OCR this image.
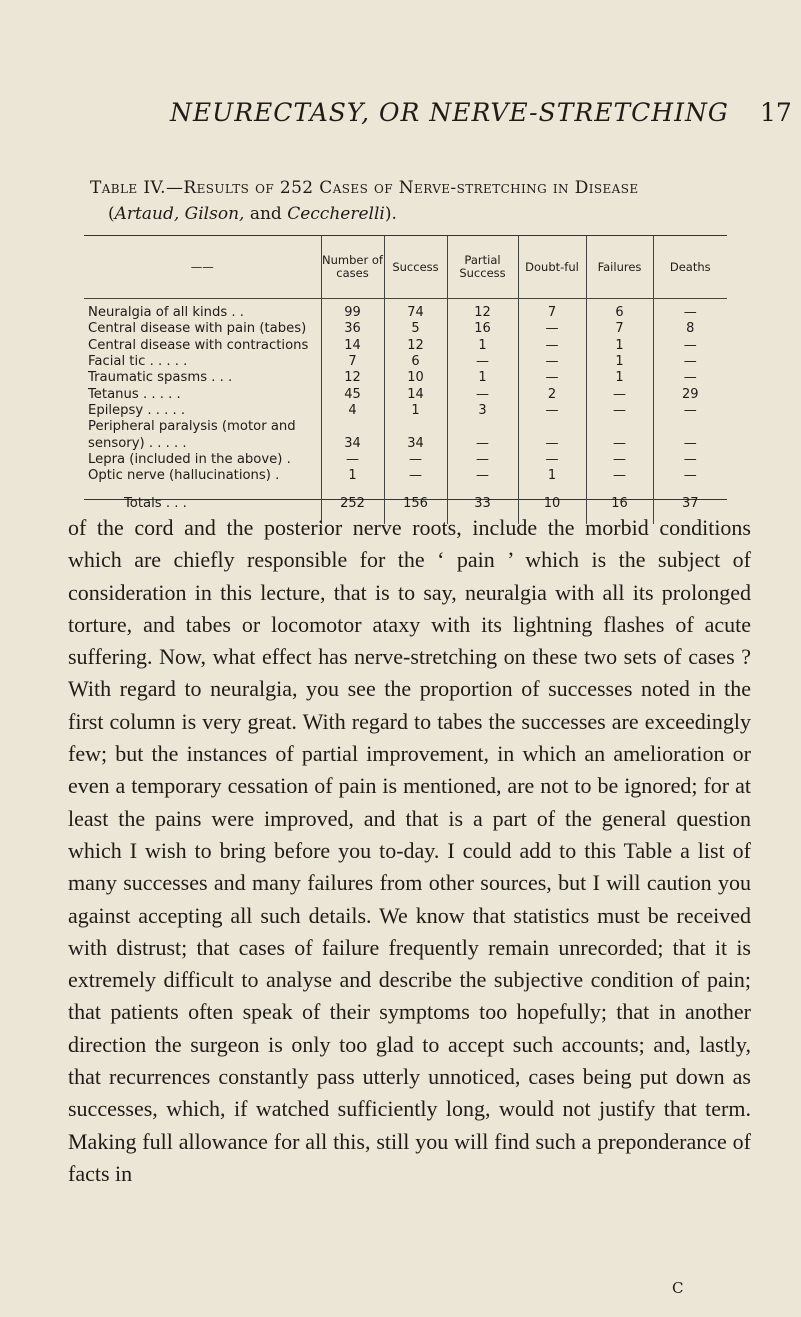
NEURECTASY, OR NERVE-STRETCHING 17
Table IV.—Results of 252 Cases of Nerve-stretching in Disease
(Artaud, Gilson, and Ceccherelli).
——	Number of cases	Success	Partial Success	Doubt-ful	Failures	Deaths

Neuralgia of all kinds . .	99	74	12	7	6	—
Central disease with pain (tabes)	36	5	16	—	7	8
Central disease with contractions	14	12	1	—	1	—
Facial tic . . . . .	7	6	—	—	1	—
Traumatic spasms . . .	12	10	1	—	1	—
Tetanus . . . . .	45	14	—	2	—	29
Epilepsy . . . . .	4	1	3	—	—	—
Peripheral paralysis (motor and						
sensory) . . . . .	34	34	—	—	—	—
Lepra (included in the above) .	—	—	—	—	—	—
Optic nerve (hallucinations) .	1	—	—	1	—	—
Totals . . .	252	156	33	10	16	37

of the cord and the posterior nerve roots, include the morbid conditions which are chiefly responsible for the ‘ pain ’ which is the subject of consideration in this lecture, that is to say, neuralgia with all its prolonged torture, and tabes or locomotor ataxy with its lightning flashes of acute suffering. Now, what effect has nerve-stretching on these two sets of cases ? With regard to neuralgia, you see the proportion of successes noted in the first column is very great. With regard to tabes the successes are exceedingly few; but the instances of partial improvement, in which an amelioration or even a temporary cessation of pain is mentioned, are not to be ignored; for at least the pains were improved, and that is a part of the general question which I wish to bring before you to-day. I could add to this Table a list of many successes and many failures from other sources, but I will caution you against accepting all such details. We know that statistics must be received with distrust; that cases of failure frequently remain unrecorded; that it is extremely difficult to analyse and describe the subjective condition of pain; that patients often speak of their symptoms too hopefully; that in another direction the surgeon is only too glad to accept such accounts; and, lastly, that recurrences constantly pass utterly unnoticed, cases being put down as successes, which, if watched sufficiently long, would not justify that term. Making full allowance for all this, still you will find such a preponderance of facts in

C
